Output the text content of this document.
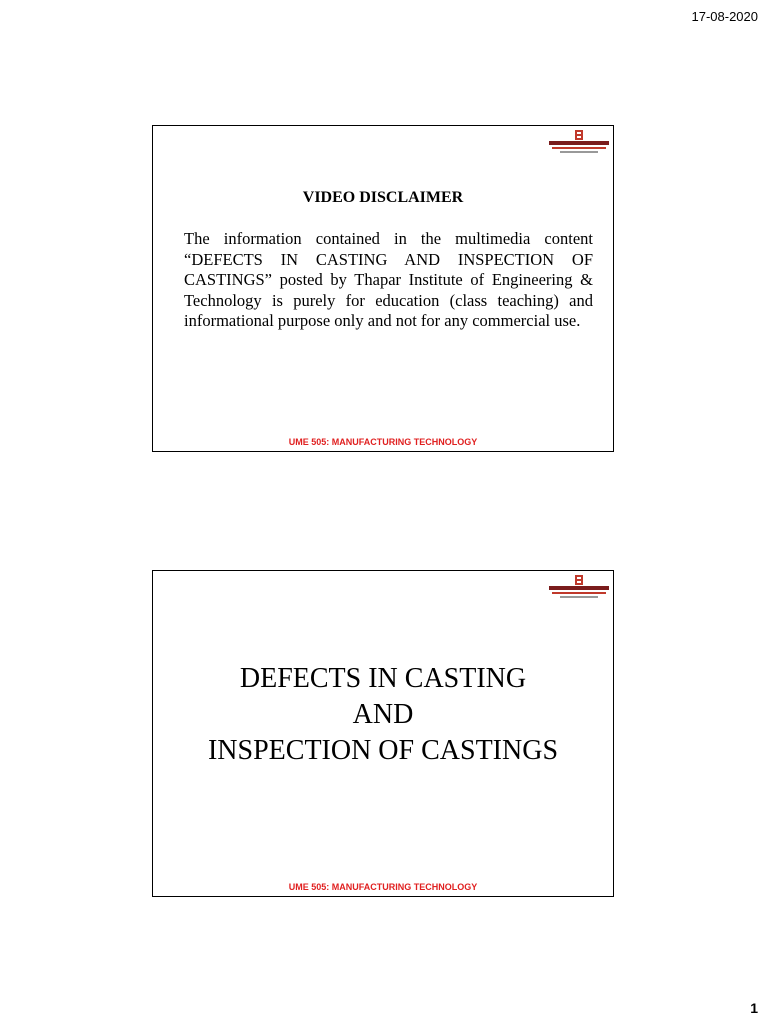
17-08-2020
VIDEO DISCLAIMER
The information contained in the multimedia content “DEFECTS IN CASTING AND INSPECTION OF CASTINGS” posted by Thapar Institute of Engineering & Technology is purely for education (class teaching) and informational purpose only and not for any commercial use.
UME 505: MANUFACTURING TECHNOLOGY
DEFECTS IN CASTING
AND
INSPECTION OF CASTINGS
UME 505: MANUFACTURING TECHNOLOGY
1
